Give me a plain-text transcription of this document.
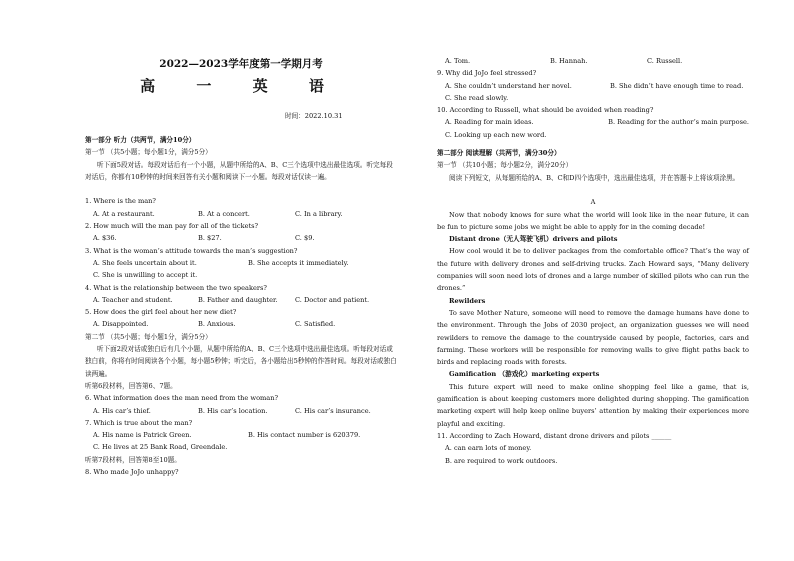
2022—2023学年度第一学期月考
高 一 英 语
时间：2022.10.31
第一部分 听力（共两节，满分10分）
第一节 （共5小题；每小题1分，满分5分）
听下面5段对话。每段对话后有一个小题，从题中所给的A、B、C三个选项中选出最佳选项。听完每段对话后，你都有10秒钟的时间来回答有关小题和阅读下一小题。每段对话仅读一遍。
1. Where is the man?
A. At a restaurant.	B. At a concert.	C. In a library.
2. How much will the man pay for all of the tickets?
A. $36.	B. $27.	C. $9.
3. What is the woman’s attitude towards the man’s suggestion?
A. She feels uncertain about it.	B. She accepts it immediately.
C. She is unwilling to accept it.
4. What is the relationship between the two speakers?
A. Teacher and student.	B. Father and daughter.	C. Doctor and patient.
5. How does the girl feel about her new diet?
A. Disappointed.	B. Anxious.	C. Satisfied.
第二节 （共5小题；每小题1分，满分5分）
听下面2段对话或独白后有几个小题，从题中所给的A、B、C三个选项中选出最佳选项。听每段对话或独白前，你将有时间阅读各个小题，每小题5秒钟；听完后，各小题给出5秒钟的作答时间。每段对话或独白读两遍。
听第6段材料，回答第6、7题。
6. What information does the man need from the woman?
A. His car’s thief.	B. His car’s location.	C. His car’s insurance.
7. Which is true about the man?
A. His name is Patrick Green.	B. His contact number is 620379.
C. He lives at 25 Bank Road, Greendale.
听第7段材料，回答第8至10题。
8. Who made JoJo unhappy?
A. Tom.	B. Hannah.	C. Russell.
9. Why did JoJo feel stressed?
A. She couldn’t understand her novel.	B. She didn’t have enough time to read.
C. She read slowly.
10. According to Russell, what should be avoided when reading?
A. Reading for main ideas.	B. Reading for the author’s main purpose.
C. Looking up each new word.
第二部分 阅读理解（共两节，满分30分）
第一节 （共10小题；每小题2分，满分20分）
阅读下列短文，从每题所给的A、B、C和D四个选项中，选出最佳选项，并在答题卡上将该项涂黑。
A
Now that nobody knows for sure what the world will look like in the near future, it can be fun to picture some jobs we might be able to apply for in the coming decade!
Distant drone（无人驾驶飞机）drivers and pilots
How cool would it be to deliver packages from the comfortable office? That’s the way of the future with delivery drones and self-driving trucks. Zach Howard says, “Many delivery companies will soon need lots of drones and a large number of skilled pilots who can run the drones.”
Rewilders
To save Mother Nature, someone will need to remove the damage humans have done to the environment. Through the Jobs of 2030 project, an organization guesses we will need rewilders to remove the damage to the countryside caused by people, factories, cars and farming. These workers will be responsible for removing walls to give flight paths back to birds and replacing roads with forests.
Gamification （游戏化）marketing experts
This future expert will need to make online shopping feel like a game, that is, gamification is about keeping customers more delighted during shopping. The gamification marketing expert will help keep online buyers’ attention by making their experiences more playful and exciting.
11. According to Zach Howard, distant drone drivers and pilots ______
A. can earn lots of money.
B. are required to work outdoors.
